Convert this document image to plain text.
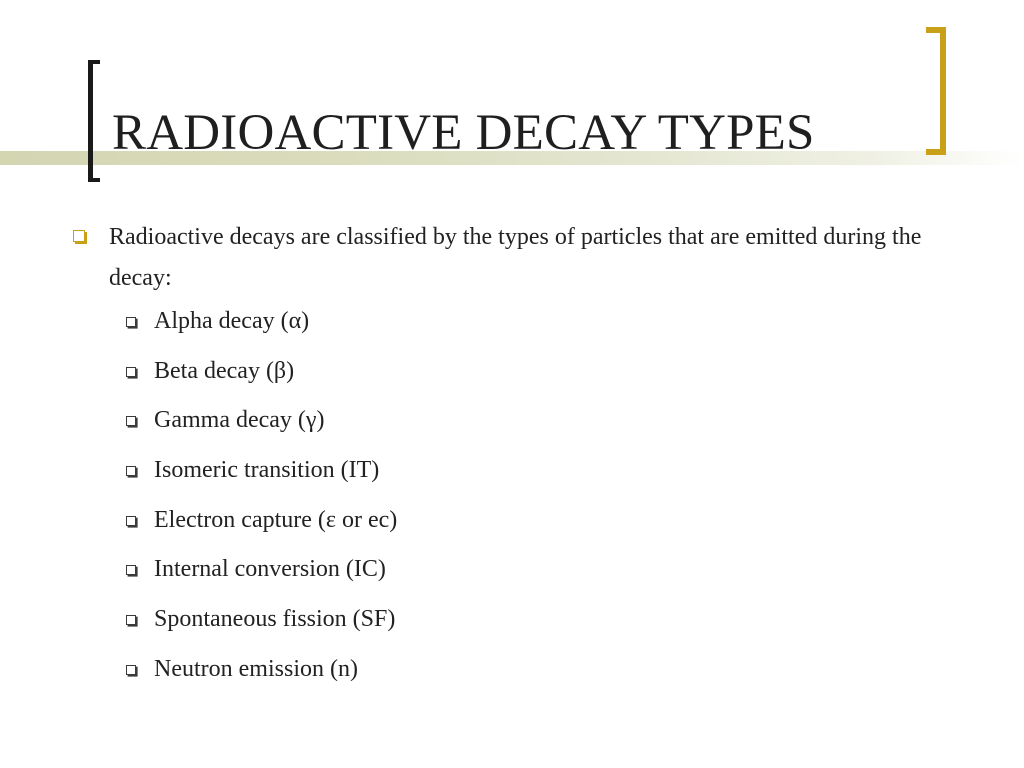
RADIOACTIVE DECAY TYPES
Radioactive decays are classified by the types of particles that are emitted during the decay:
Alpha decay (α)
Beta decay (β)
Gamma decay (γ)
Isomeric transition (IT)
Electron capture (ε or ec)
Internal conversion (IC)
Spontaneous fission (SF)
Neutron emission (n)
